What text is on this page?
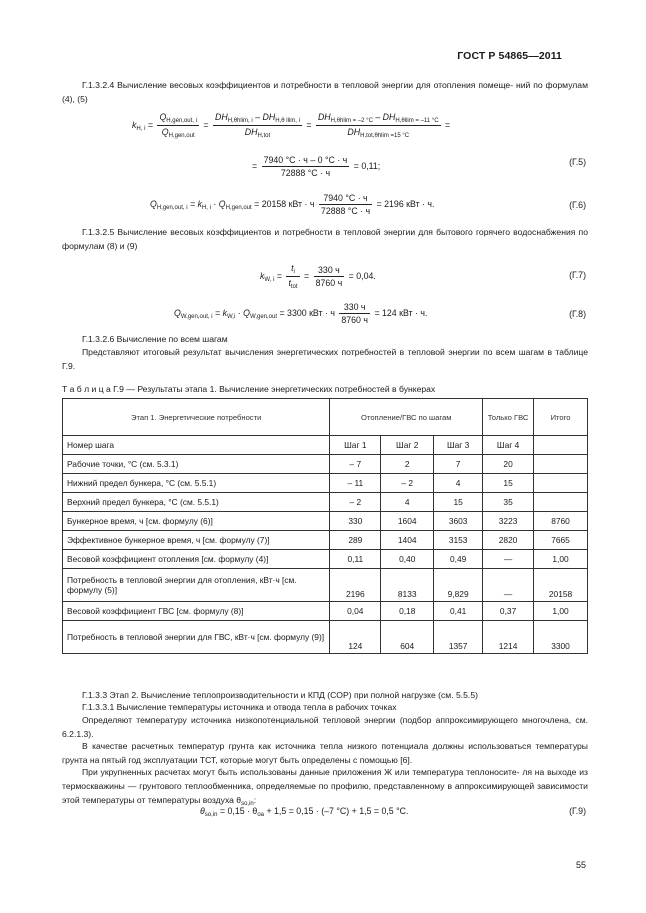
ГОСТ Р 54865—2011
Г.1.3.2.4 Вычисление весовых коэффициентов и потребности в тепловой энергии для отопления помеще- ний по формулам (4), (5)
$k_{H, i} = \frac{Q_{H,gen,out, i}}{Q_{H,gen,out}} = \frac{DH_{H,\theta hlim, i} - DH_{H,\theta llim, i}}{DH_{H,tot}} = \frac{DH_{H,\theta hlim = -2 ^\circ C} - DH_{H,\theta llim = -11 ^\circ C}}{DH_{H,tot,\theta hlim =15 ^\circ C}}$ =
= $\frac{7940 ^\circ C \cdot ч - 0 ^\circ C \cdot ч}{72888 ^\circ C \cdot ч} = 0,11$;	(Г.5)
$Q_{H,gen,out, i} = k_{H, i} \cdot Q_{H,gen,out} = 20158$ кВт · ч $\frac{7940 ^\circ C \cdot ч}{72888 ^\circ C \cdot ч} = 2196$ кВт · ч.	(Г.6)
Г.1.3.2.5 Вычисление весовых коэффициентов и потребности в тепловой энергии для бытового горячего водоснабжения по формулам (8) и (9)
$k_{W, i} = \frac{t_i}{t_{tot}} = \frac{330 ч}{8760 ч} = 0,04$.	(Г.7)
$Q_{W,gen,out, i} = k_{W,i} \cdot Q_{W,gen,out} = 3300$ кВт · ч $\frac{330 ч}{8760 ч} = 124$ кВт · ч.	(Г.8)
Г.1.3.2.6 Вычисление по всем шагам
Представляют итоговый результат вычисления энергетических потребностей в тепловой энергии по всем шагам в таблице Г.9.
Т а б л и ц а Г.9 — Результаты этапа 1. Вычисление энергетических потребностей в бункерах
Этап 1. Энергетические потребности	Отопление/ГВС по шагам			Только ГВС	Итого
Номер шага	Шаг 1	Шаг 2	Шаг 3	Шаг 4	
Рабочие точки, °С (см. 5.3.1)	– 7	2	7	20	
Нижний предел бункера, °С (см. 5.5.1)	– 11	– 2	4	15	
Верхний предел бункера, °С (см. 5.5.1)	– 2	4	15	35	
Бункерное время, ч [см. формулу (6)]	330	1604	3603	3223	8760
Эффективное бункерное время, ч [см. формулу (7)]	289	1404	3153	2820	7665
Весовой коэффициент отопления [см. формулу (4)]	0,11	0,40	0,49	—	1,00
Потребность в тепловой энергии для отопления, кВт·ч [см. формулу (5)]	2196	8133	9,829	—	20158
Весовой коэффициент ГВС [см. формулу (8)]	0,04	0,18	0,41	0,37	1,00
Потребность в тепловой энергии для ГВС, кВт·ч [см. формулу (9)]	124	604	1357	1214	3300
Г.1.3.3 Этап 2. Вычисление теплопроизводительности и КПД (COP) при полной нагрузке (см. 5.5.5)
Г.1.3.3.1 Вычисление температуры источника и отвода тепла в рабочих точках
Определяют температуру источника низкопотенциальной тепловой энергии (подбор аппроксимирующего многочлена, см. 6.2.1.3).
В качестве расчетных температур грунта как источника тепла низкого потенциала должны использоваться температуры грунта на пятый год эксплуатации ТСТ, которые могут быть определены с помощью [6].
При укрупненных расчетах могут быть использованы данные приложения Ж или температура теплоносите- ля на выходе из термоскважины — грунтового теплообменника, определяемые по профилю, представленному в аппроксимирующей зависимости этой температуры от температуры воздуха $\theta_{so,in}$:
$\theta_{so,in} = 0,15 \cdot \theta_{oa} + 1,5 = 0,15 \cdot (-7$ °C) + 1,5 = 0,5 °C.	(Г.9)
55
